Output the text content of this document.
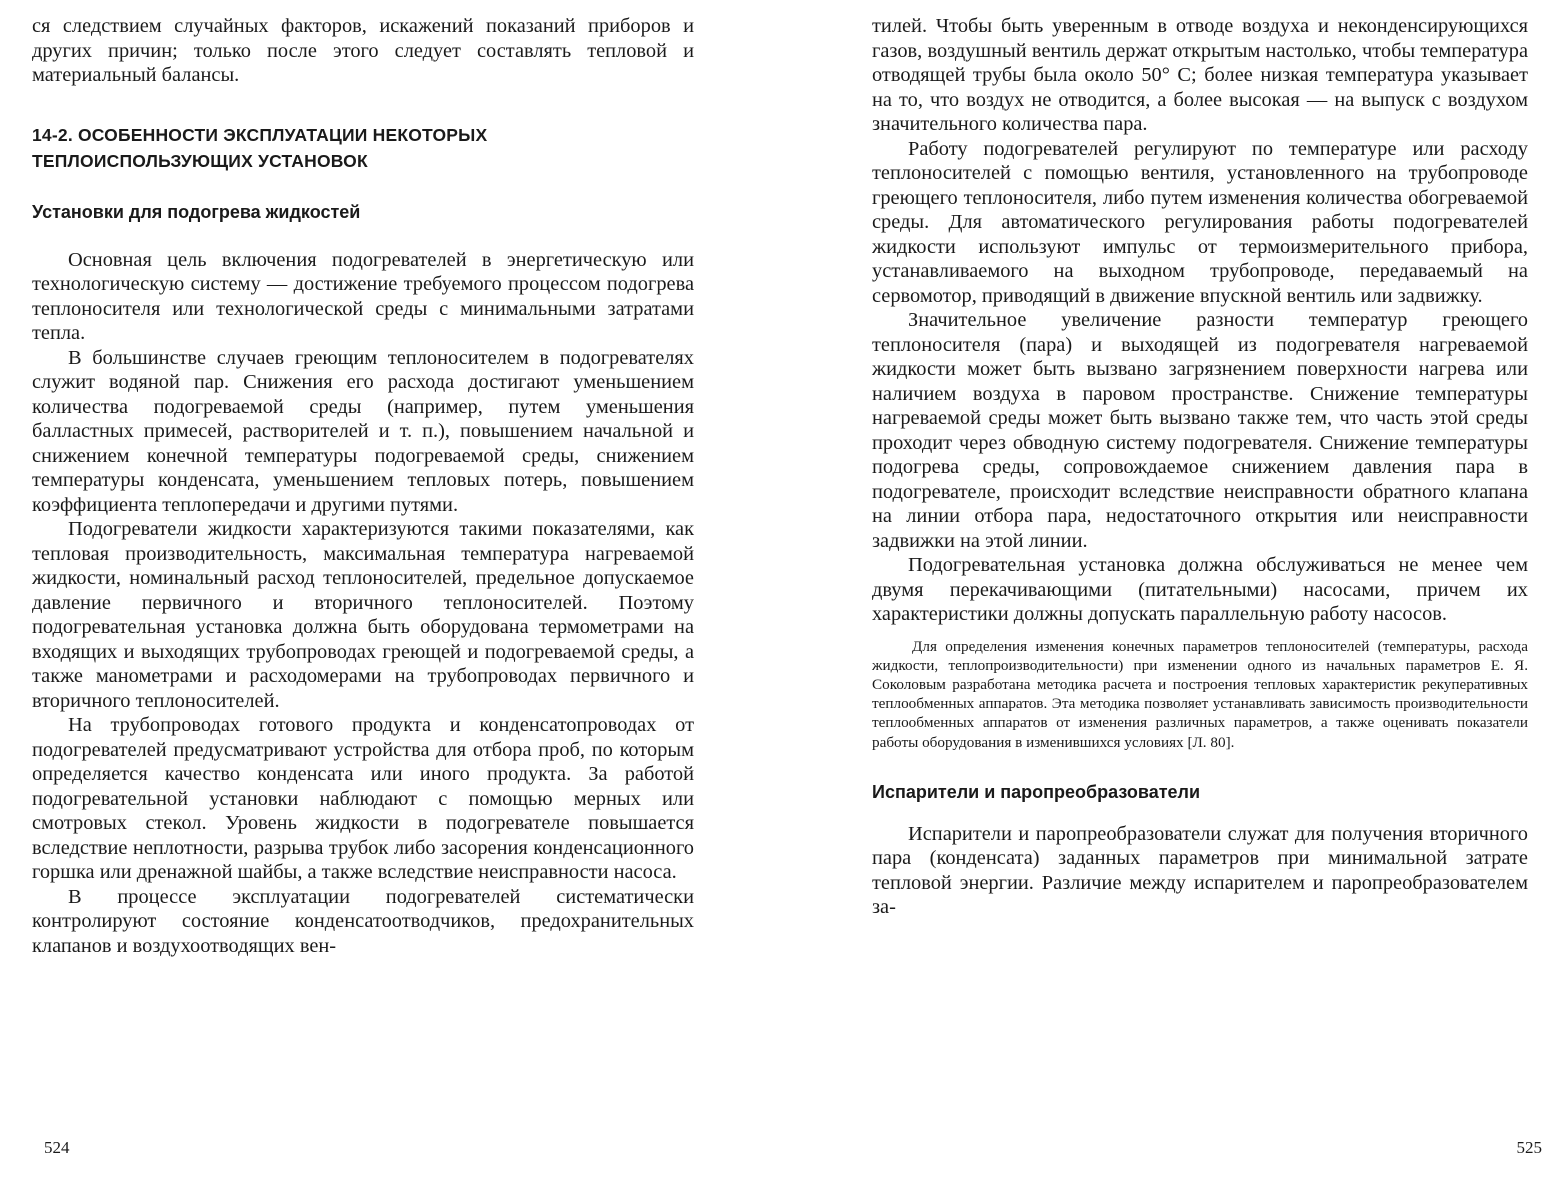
ся следствием случайных факторов, искажений показаний приборов и других причин; только после этого следует составлять тепловой и материальный балансы.

14-2. ОСОБЕННОСТИ ЭКСПЛУАТАЦИИ НЕКОТОРЫХ
ТЕПЛОИСПОЛЬЗУЮЩИХ УСТАНОВОК
Установки для подогрева жидкостей

Основная цель включения подогревателей в энергетическую или технологическую систему — достижение требуемого процессом подогрева теплоносителя или технологической среды с минимальными затратами тепла.

В большинстве случаев греющим теплоносителем в подогревателях служит водяной пар. Снижения его расхода достигают уменьшением количества подогреваемой среды (например, путем уменьшения балластных примесей, растворителей и т. п.), повышением начальной и снижением конечной температуры подогреваемой среды, снижением температуры конденсата, уменьшением тепловых потерь, повышением коэффициента теплопередачи и другими путями.

Подогреватели жидкости характеризуются такими показателями, как тепловая производительность, максимальная температура нагреваемой жидкости, номинальный расход теплоносителей, предельное допускаемое давление первичного и вторичного теплоносителей. Поэтому подогревательная установка должна быть оборудована термометрами на входящих и выходящих трубопроводах греющей и подогреваемой среды, а также манометрами и расходомерами на трубопроводах первичного и вторичного теплоносителей.

На трубопроводах готового продукта и конденсатопроводах от подогревателей предусматривают устройства для отбора проб, по которым определяется качество конденсата или иного продукта. За работой подогревательной установки наблюдают с помощью мерных или смотровых стекол. Уровень жидкости в подогревателе повышается вследствие неплотности, разрыва трубок либо засорения конденсационного горшка или дренажной шайбы, а также вследствие неисправности насоса.

В процессе эксплуатации подогревателей систематически контролируют состояние конденсатоотводчиков, предохранительных клапанов и воздухоотводящих вен-

524

тилей. Чтобы быть уверенным в отводе воздуха и неконденсирующихся газов, воздушный вентиль держат открытым настолько, чтобы температура отводящей трубы была около 50° С; более низкая температура указывает на то, что воздух не отводится, а более высокая — на выпуск с воздухом значительного количества пара.

Работу подогревателей регулируют по температуре или расходу теплоносителей с помощью вентиля, установленного на трубопроводе греющего теплоносителя, либо путем изменения количества обогреваемой среды. Для автоматического регулирования работы подогревателей жидкости используют импульс от термоизмерительного прибора, устанавливаемого на выходном трубопроводе, передаваемый на сервомотор, приводящий в движение впускной вентиль или задвижку.

Значительное увеличение разности температур греющего теплоносителя (пара) и выходящей из подогревателя нагреваемой жидкости может быть вызвано загрязнением поверхности нагрева или наличием воздуха в паровом пространстве. Снижение температуры нагреваемой среды может быть вызвано также тем, что часть этой среды проходит через обводную систему подогревателя. Снижение температуры подогрева среды, сопровождаемое снижением давления пара в подогревателе, происходит вследствие неисправности обратного клапана на линии отбора пара, недостаточного открытия или неисправности задвижки на этой линии.

Подогревательная установка должна обслуживаться не менее чем двумя перекачивающими (питательными) насосами, причем их характеристики должны допускать параллельную работу насосов.

Для определения изменения конечных параметров теплоносителей (температуры, расхода жидкости, теплопроизводительности) при изменении одного из начальных параметров Е. Я. Соколовым разработана методика расчета и построения тепловых характеристик рекуперативных теплообменных аппаратов. Эта методика позволяет устанавливать зависимость производительности теплообменных аппаратов от изменения различных параметров, а также оценивать показатели работы оборудования в изменившихся условиях [Л. 80].

Испарители и паропреобразователи

Испарители и паропреобразователи служат для получения вторичного пара (конденсата) заданных параметров при минимальной затрате тепловой энергии. Различие между испарителем и паропреобразователем за-

525
